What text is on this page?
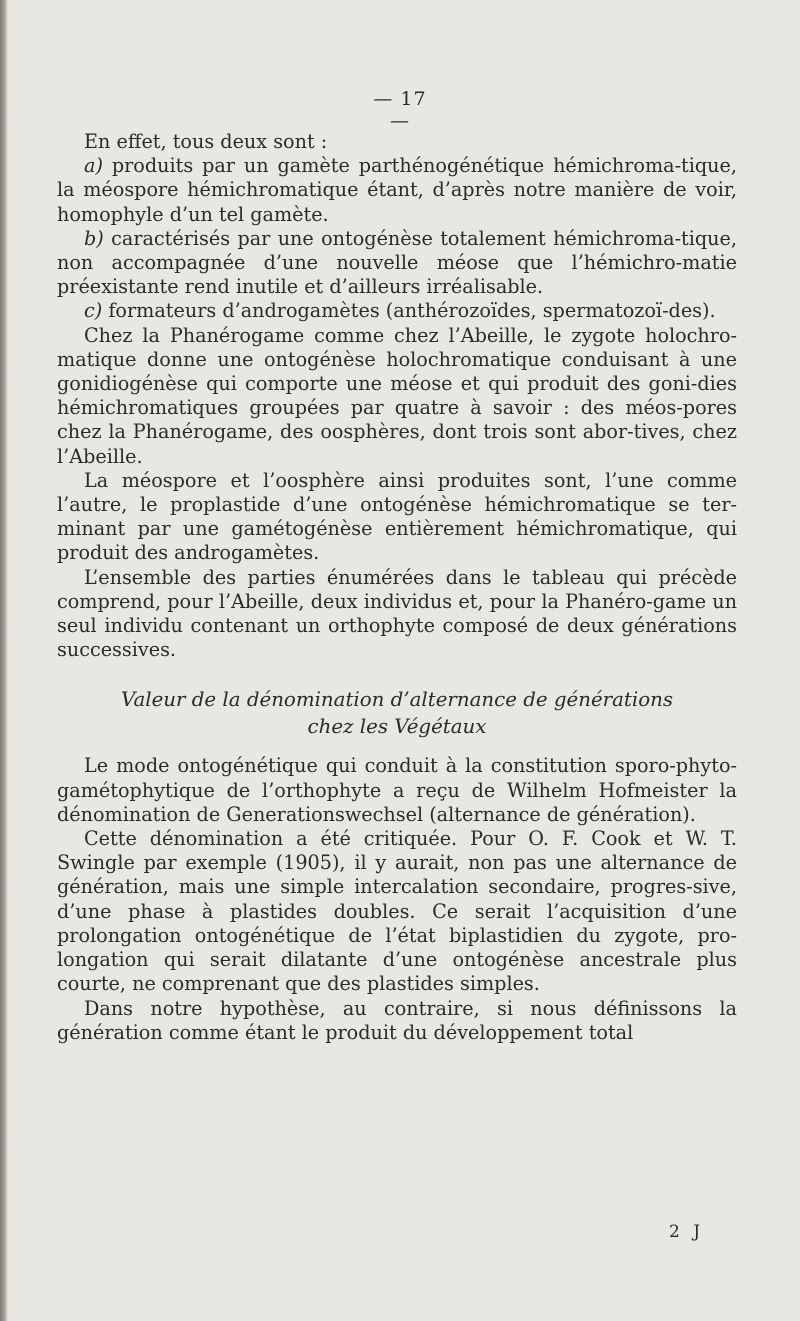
— 17 —

En effet, tous deux sont :

a) produits par un gamète parthénogénétique hémichroma-tique, la méospore hémichromatique étant, d’après notre manière de voir, homophyle d’un tel gamète.

b) caractérisés par une ontogénèse totalement hémichroma-tique, non accompagnée d’une nouvelle méose que l’hémichro-matie préexistante rend inutile et d’ailleurs irréalisable.

c) formateurs d’androgamètes (anthérozoïdes, spermatozoï-des).

Chez la Phanérogame comme chez l’Abeille, le zygote holochro-matique donne une ontogénèse holochromatique conduisant à une gonidiogénèse qui comporte une méose et qui produit des goni-dies hémichromatiques groupées par quatre à savoir : des méos-pores chez la Phanérogame, des oosphères, dont trois sont abor-tives, chez l’Abeille.

La méospore et l’oosphère ainsi produites sont, l’une comme l’autre, le proplastide d’une ontogénèse hémichromatique se ter-minant par une gamétogénèse entièrement hémichromatique, qui produit des androgamètes.

L’ensemble des parties énumérées dans le tableau qui précède comprend, pour l’Abeille, deux individus et, pour la Phanéro-game un seul individu contenant un orthophyte composé de deux générations successives.

Valeur de la dénomination d’alternance de générations
chez les Végétaux

Le mode ontogénétique qui conduit à la constitution sporo-phyto-gamétophytique de l’orthophyte a reçu de Wilhelm Hofmeister la dénomination de Generationswechsel (alternance de génération).

Cette dénomination a été critiquée. Pour O. F. Cook et W. T. Swingle par exemple (1905), il y aurait, non pas une alternance de génération, mais une simple intercalation secondaire, progres-sive, d’une phase à plastides doubles. Ce serait l’acquisition d’une prolongation ontogénétique de l’état biplastidien du zygote, pro-longation qui serait dilatante d’une ontogénèse ancestrale plus courte, ne comprenant que des plastides simples.

Dans notre hypothèse, au contraire, si nous définissons la génération comme étant le produit du développement total

2 J
